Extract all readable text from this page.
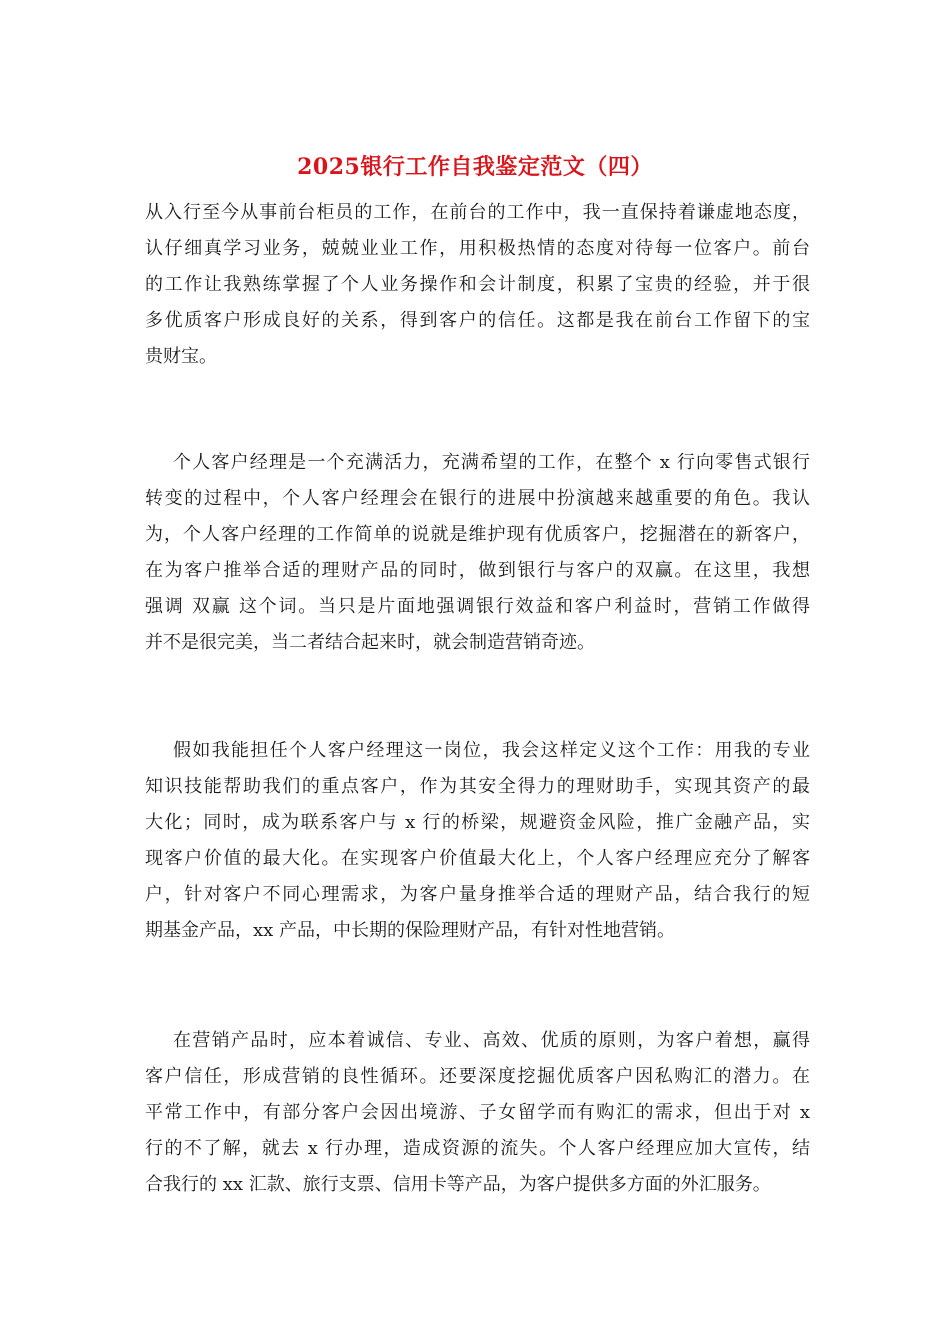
2025银行工作自我鉴定范文（四）
从入行至今从事前台柜员的工作，在前台的工作中，我一直保持着谦虚地态度，
认仔细真学习业务，兢兢业业工作，用积极热情的态度对待每一位客户。前台
的工作让我熟练掌握了个人业务操作和会计制度，积累了宝贵的经验，并于很
多优质客户形成良好的关系，得到客户的信任。这都是我在前台工作留下的宝
贵财宝。
个人客户经理是一个充满活力，充满希望的工作，在整个 x 行向零售式银行
转变的过程中，个人客户经理会在银行的进展中扮演越来越重要的角色。我认
为，个人客户经理的工作简单的说就是维护现有优质客户，挖掘潜在的新客户，
在为客户推举合适的理财产品的同时，做到银行与客户的双赢。在这里，我想
强调 双赢 这个词。当只是片面地强调银行效益和客户利益时，营销工作做得
并不是很完美，当二者结合起来时，就会制造营销奇迹。
假如我能担任个人客户经理这一岗位，我会这样定义这个工作：用我的专业
知识技能帮助我们的重点客户，作为其安全得力的理财助手，实现其资产的最
大化；同时，成为联系客户与 x 行的桥梁，规避资金风险，推广金融产品，实
现客户价值的最大化。在实现客户价值最大化上，个人客户经理应充分了解客
户，针对客户不同心理需求，为客户量身推举合适的理财产品，结合我行的短
期基金产品，xx 产品，中长期的保险理财产品，有针对性地营销。
在营销产品时，应本着诚信、专业、高效、优质的原则，为客户着想，赢得
客户信任，形成营销的良性循环。还要深度挖掘优质客户因私购汇的潜力。在
平常工作中，有部分客户会因出境游、子女留学而有购汇的需求，但出于对 x
行的不了解，就去 x 行办理，造成资源的流失。个人客户经理应加大宣传，结
合我行的 xx 汇款、旅行支票、信用卡等产品，为客户提供多方面的外汇服务。
